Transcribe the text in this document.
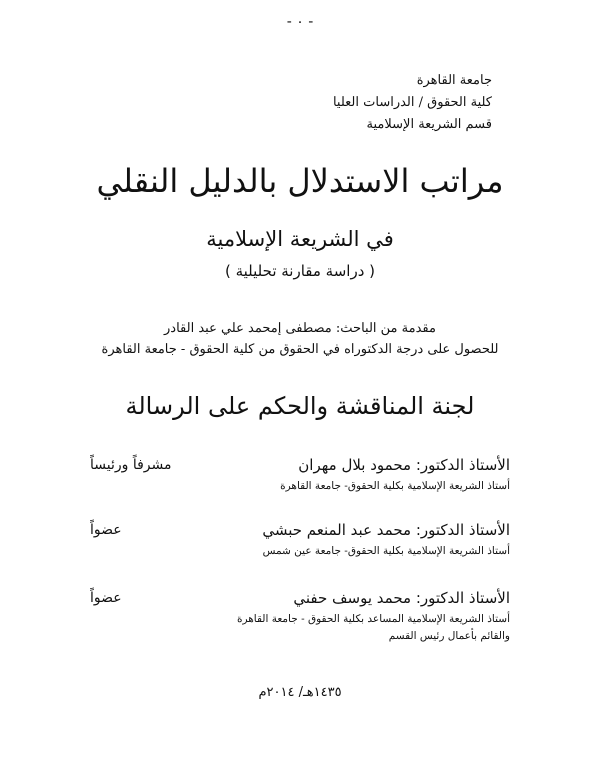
- ٠ -
جامعة القاهرة
كلية الحقوق / الدراسات العليا
قسم الشريعة الإسلامية
مراتب الاستدلال بالدليل النقلي
في الشريعة الإسلامية
( دراسة مقارنة تحليلية )
مقدمة من الباحث: مصطفى إمحمد علي عبد القادر
للحصول على درجة الدكتوراه في الحقوق من كلية الحقوق - جامعة القاهرة
لجنة المناقشة والحكم على الرسالة
الأستاذ الدكتور: محمود بلال مهران
مشرفاً ورئيساً
أستاذ الشريعة الإسلامية بكلية الحقوق- جامعة القاهرة
الأستاذ الدكتور: محمد عبد المنعم حبشي
عضواً
أستاذ الشريعة الإسلامية بكلية الحقوق- جامعة عين شمس
الأستاذ الدكتور: محمد يوسف حفني
عضواً
أستاذ الشريعة الإسلامية المساعد بكلية الحقوق - جامعة القاهرة
والقائم بأعمال رئيس القسم
١٤٣٥هـ/ ٢٠١٤م
